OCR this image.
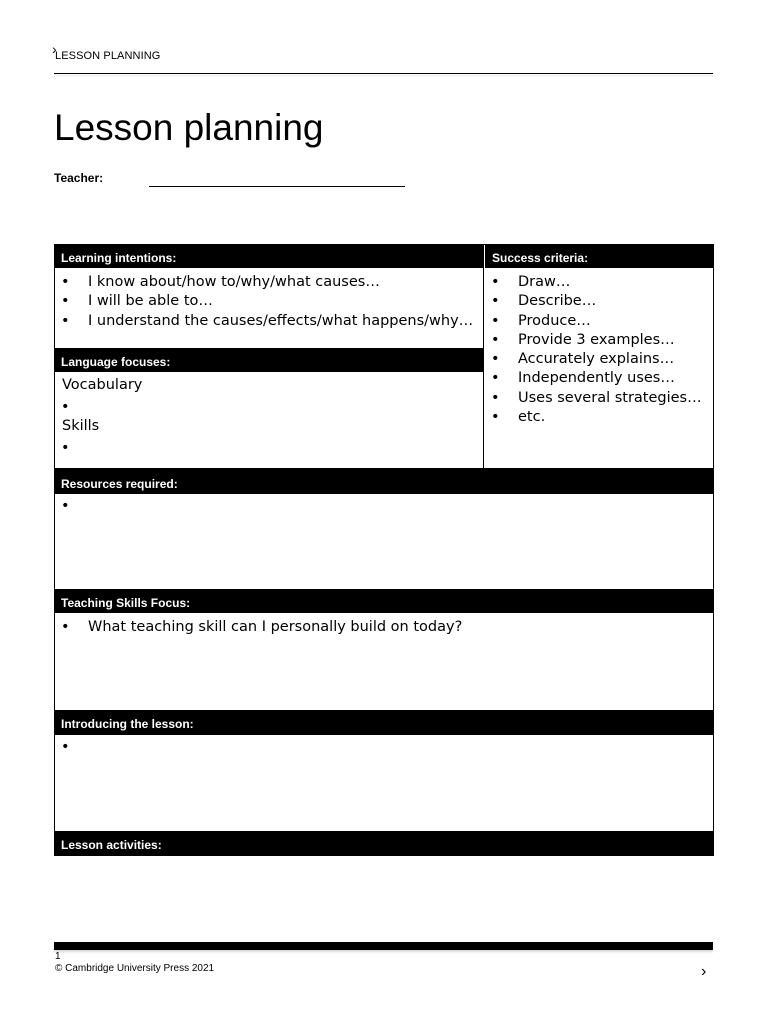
›
LESSON PLANNING
Lesson planning
Teacher:
Learning intentions:	Success criteria:
• I know about/how to/why/what causes…
• I will be able to…
• I understand the causes/effects/what happens/why…
• Draw…
• Describe…
• Produce…
• Provide 3 examples…
• Accurately explains…
• Independently uses…
• Uses several strategies…
• etc.
Language focuses:
Vocabulary
•
Skills
•
Resources required:
•
Teaching Skills Focus:
• What teaching skill can I personally build on today?
Introducing the lesson:
•
Lesson activities:
1
© Cambridge University Press 2021	›
